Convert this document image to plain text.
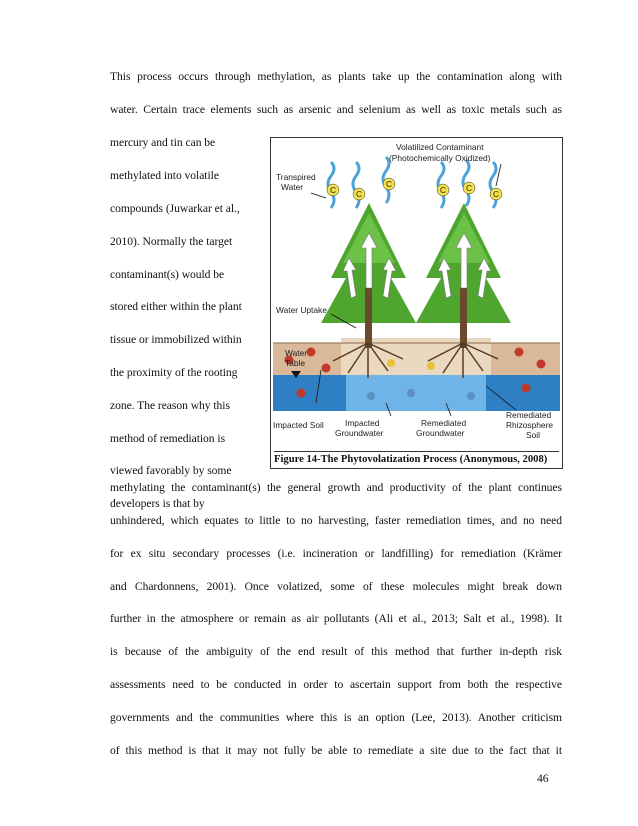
This process occurs through methylation, as plants take up the contamination along with
water. Certain trace elements such as arsenic and selenium as well as toxic metals such as
mercury and tin can be
methylated into volatile
compounds (Juwarkar et al.,
2010). Normally the target
contaminant(s) would be
stored either within the plant
tissue or immobilized within
the proximity of the rooting
zone. The reason why this
method of remediation is
viewed favorably by some
developers is that by
methylating the contaminant(s) the general growth and productivity of the plant continues
unhindered, which equates to little to no harvesting, faster remediation times, and no need
for ex situ secondary processes (i.e. incineration or landfilling) for remediation (Krämer
and Chardonnens, 2001). Once volatized, some of these molecules might break down
further in the atmosphere or remain as air pollutants (Ali et al., 2013; Salt et al., 1998). It
is because of the ambiguity of the end result of this method that further in-depth risk
assessments need to be conducted in order to ascertain support from both the respective
governments and the communities where this is an option (Lee, 2013). Another criticism
of this method is that it may not fully be able to remediate a site due to the fact that it
C C
C
C C
C
Volatilized Contaminant
(Photochemically Oxidized)
Transpired
Water
Water Uptake
Water
Table
Impacted Soil	Impacted
Groundwater
Remediated
Groundwater
Remediated
Rhizosphere
Soil
Figure 14-The Phytovolatization Process (Anonymous, 2008)
46
